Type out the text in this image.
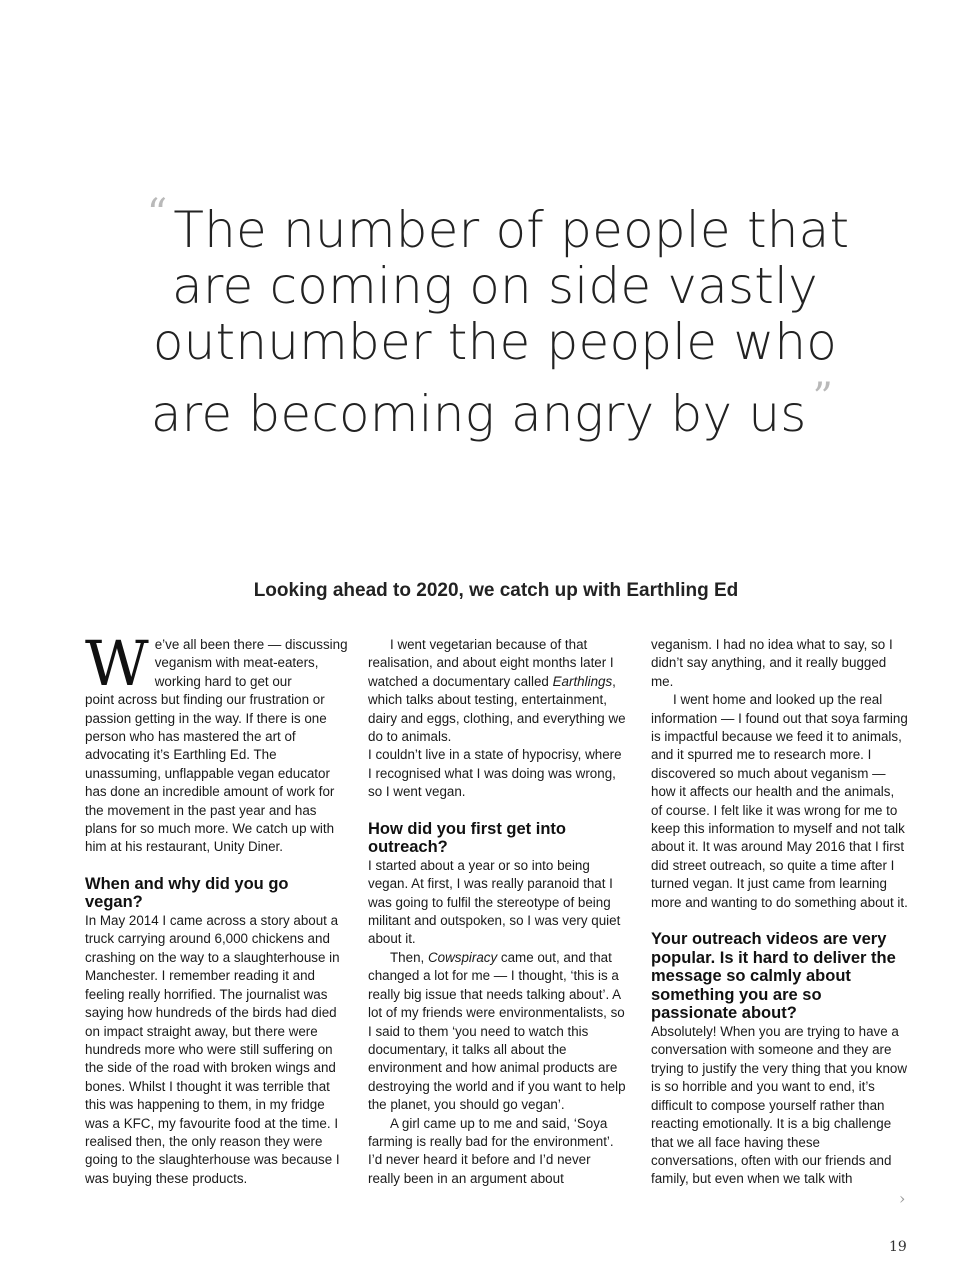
“ The number of people that
are coming on side vastly
outnumber the people who
are becoming angry by us ”
Looking ahead to 2020, we catch up with Earthling Ed

W e’ve all been there — discussing
veganism with meat-eaters,
working hard to get our
point across but finding our frustration or passion getting in the way. If there is one person who has mastered the art of advocating it’s Earthling Ed. The unassuming, unflappable vegan educator has done an incredible amount of work for the movement in the past year and has plans for so much more. We catch up with him at his restaurant, Unity Diner.

When and why did you go vegan?

In May 2014 I came across a story about a truck carrying around 6,000 chickens and crashing on the way to a slaughterhouse in Manchester. I remember reading it and feeling really horrified. The journalist was saying how hundreds of the birds had died on impact straight away, but there were hundreds more who were still suffering on the side of the road with broken wings and bones. Whilst I thought it was terrible that this was happening to them, in my fridge was a KFC, my favourite food at the time. I realised then, the only reason they were going to the slaughterhouse was because I was buying these products.

I went vegetarian because of that realisation, and about eight months later I watched a documentary called Earthlings, which talks about testing, entertainment, dairy and eggs, clothing, and everything we do to animals.

I couldn’t live in a state of hypocrisy, where I recognised what I was doing was wrong, so I went vegan.

How did you first get into outreach?

I started about a year or so into being vegan. At first, I was really paranoid that I was going to fulfil the stereotype of being militant and outspoken, so I was very quiet about it.

Then, Cowspiracy came out, and that changed a lot for me — I thought, ‘this is a really big issue that needs talking about’. A lot of my friends were environmentalists, so I said to them ‘you need to watch this documentary, it talks all about the environment and how animal products are destroying the world and if you want to help the planet, you should go vegan’.

A girl came up to me and said, ‘Soya farming is really bad for the environment’. I’d never heard it before and I’d never really been in an argument about

veganism. I had no idea what to say, so I didn’t say anything, and it really bugged me.

I went home and looked up the real information — I found out that soya farming is impactful because we feed it to animals, and it spurred me to research more. I discovered so much about veganism — how it affects our health and the animals, of course. I felt like it was wrong for me to keep this information to myself and not talk about it. It was around May 2016 that I first did street outreach, so quite a time after I turned vegan. It just came from learning more and wanting to do something about it.

Your outreach videos are very popular. Is it hard to deliver the message so calmly about something you are so passionate about?

Absolutely! When you are trying to have a conversation with someone and they are trying to justify the very thing that you know is so horrible and you want to end, it’s difficult to compose yourself rather than reacting emotionally. It is a big challenge that we all face having these conversations, often with our friends and family, but even when we talk with

›
19
